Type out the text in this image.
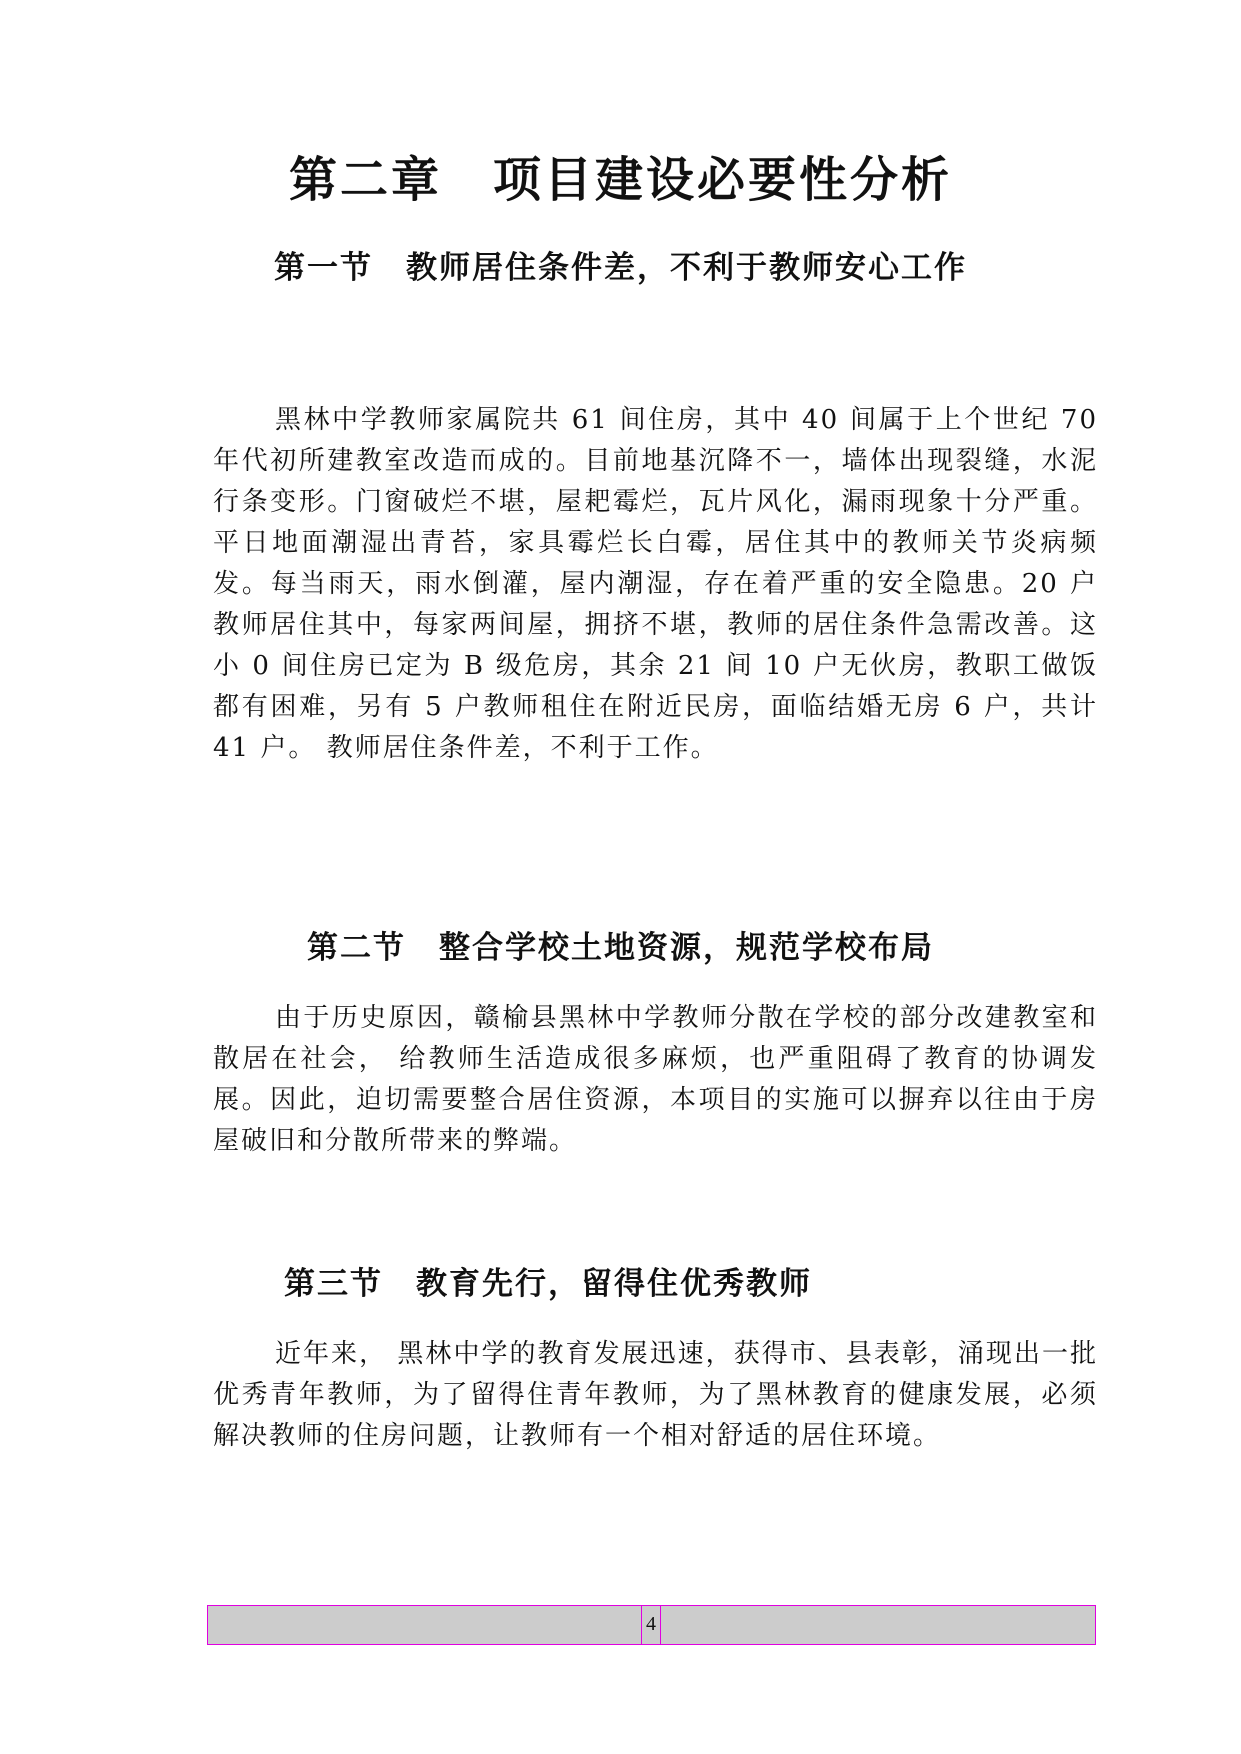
第二章　项目建设必要性分析
第一节　教师居住条件差，不利于教师安心工作

黑林中学教师家属院共 61 间住房，其中 40 间属于上个世纪 70 年代初所建教室改造而成的。目前地基沉降不一，墙体出现裂缝，水泥行条变形。门窗破烂不堪，屋耙霉烂，瓦片风化，漏雨现象十分严重。平日地面潮湿出青苔，家具霉烂长白霉，居住其中的教师关节炎病频发。每当雨天，雨水倒灌，屋内潮湿，存在着严重的安全隐患。20 户教师居住其中，每家两间屋，拥挤不堪，教师的居住条件急需改善。这小 0 间住房已定为 B 级危房，其余 21 间 10 户无伙房，教职工做饭都有困难，另有 5 户教师租住在附近民房，面临结婚无房 6 户，共计 41 户。 教师居住条件差，不利于工作。

第二节　整合学校土地资源，规范学校布局

由于历史原因，赣榆县黑林中学教师分散在学校的部分改建教室和散居在社会， 给教师生活造成很多麻烦，也严重阻碍了教育的协调发展。因此，迫切需要整合居住资源，本项目的实施可以摒弃以往由于房屋破旧和分散所带来的弊端。

第三节　教育先行，留得住优秀教师

近年来， 黑林中学的教育发展迅速，获得市、县表彰，涌现出一批优秀青年教师，为了留得住青年教师，为了黑林教育的健康发展，必须解决教师的住房问题，让教师有一个相对舒适的居住环境。

4
